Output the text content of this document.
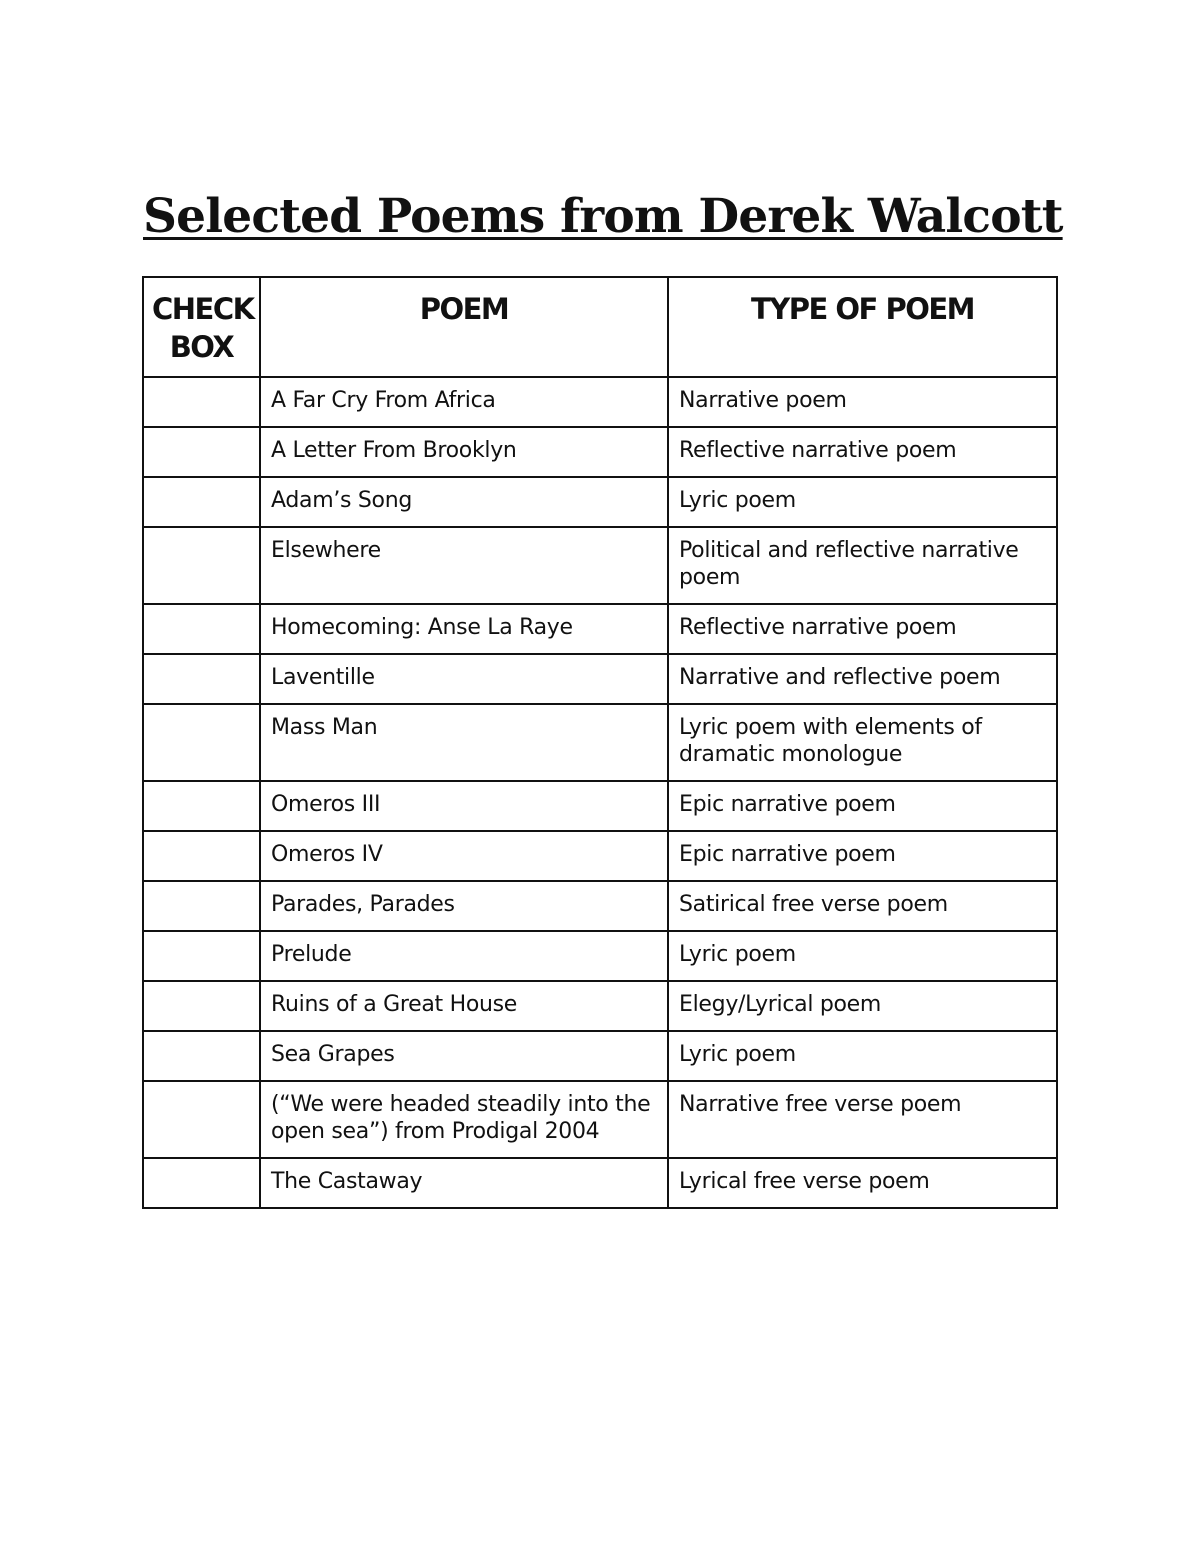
Selected Poems from Derek Walcott
CHECK BOX	POEM	TYPE OF POEM
	A Far Cry From Africa	Narrative poem
	A Letter From Brooklyn	Reflective narrative poem
	Adam’s Song	Lyric poem
	Elsewhere	Political and reflective narrative poem
	Homecoming: Anse La Raye	Reflective narrative poem
	Laventille	Narrative and reflective poem
	Mass Man	Lyric poem with elements of dramatic monologue
	Omeros III	Epic narrative poem
	Omeros IV	Epic narrative poem
	Parades, Parades	Satirical free verse poem
	Prelude	Lyric poem
	Ruins of a Great House	Elegy/Lyrical poem
	Sea Grapes	Lyric poem
	(“We were headed steadily into the open sea”) from Prodigal 2004	Narrative free verse poem
	The Castaway	Lyrical free verse poem
